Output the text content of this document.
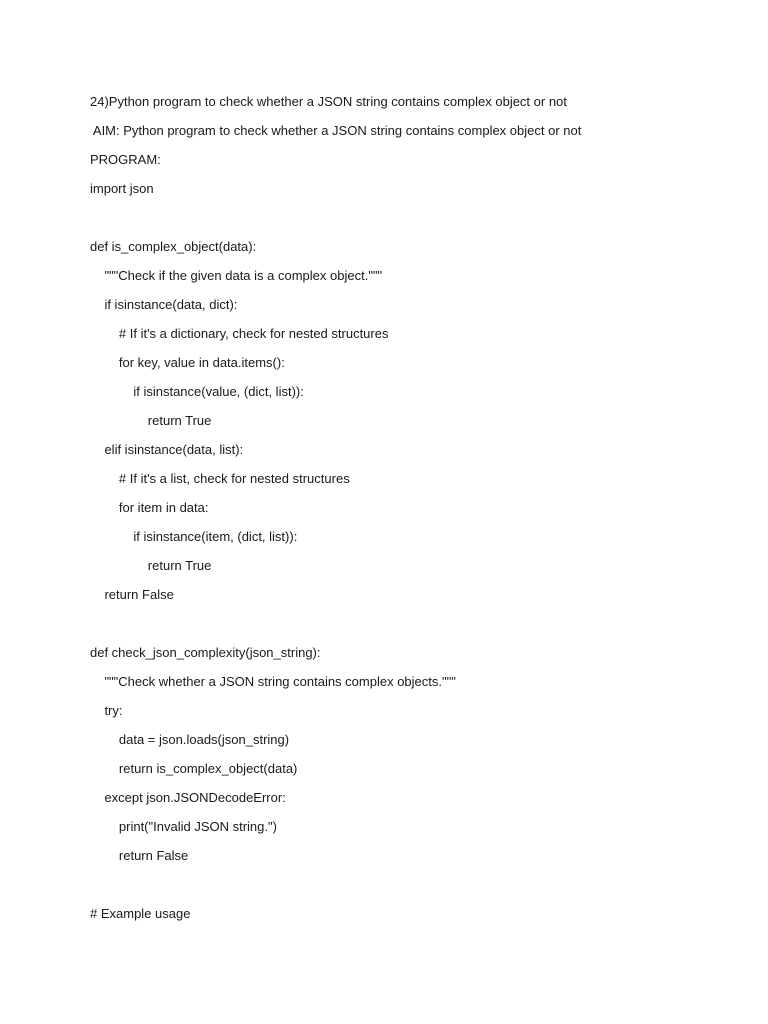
24)Python program to check whether a JSON string contains complex object or not
AIM: Python program to check whether a JSON string contains complex object or not
PROGRAM:
import json
def is_complex_object(data):
"""Check if the given data is a complex object."""
if isinstance(data, dict):
# If it's a dictionary, check for nested structures
for key, value in data.items():
if isinstance(value, (dict, list)):
return True
elif isinstance(data, list):
# If it's a list, check for nested structures
for item in data:
if isinstance(item, (dict, list)):
return True
return False
def check_json_complexity(json_string):
"""Check whether a JSON string contains complex objects."""
try:
data = json.loads(json_string)
return is_complex_object(data)
except json.JSONDecodeError:
print("Invalid JSON string.")
return False
# Example usage
